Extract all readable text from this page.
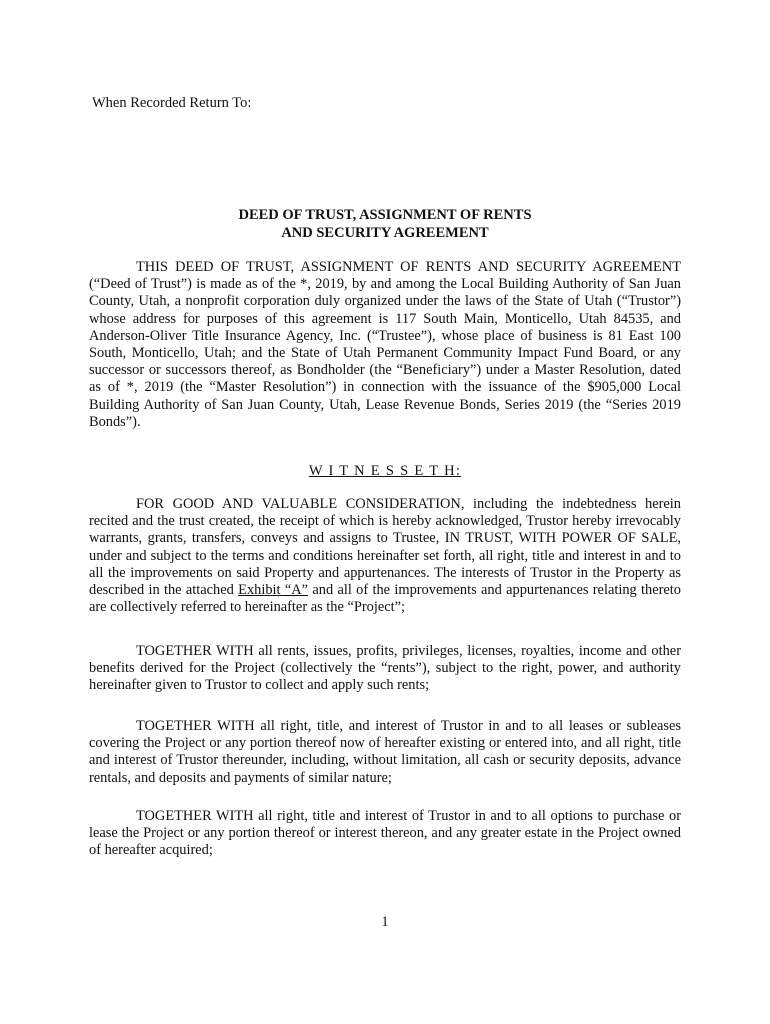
When Recorded Return To:
DEED OF TRUST, ASSIGNMENT OF RENTS
AND SECURITY AGREEMENT

THIS DEED OF TRUST, ASSIGNMENT OF RENTS AND SECURITY AGREEMENT (“Deed of Trust”) is made as of the *, 2019, by and among the Local Building Authority of San Juan County, Utah, a nonprofit corporation duly organized under the laws of the State of Utah (“Trustor”) whose address for purposes of this agreement is 117 South Main, Monticello, Utah 84535, and Anderson-Oliver Title Insurance Agency, Inc. (“Trustee”), whose place of business is 81 East 100 South, Monticello, Utah; and the State of Utah Permanent Community Impact Fund Board, or any successor or successors thereof, as Bondholder (the “Beneficiary”) under a Master Resolution, dated as of *, 2019 (the “Master Resolution”) in connection with the issuance of the $905,000 Local Building Authority of San Juan County, Utah, Lease Revenue Bonds, Series 2019 (the “Series 2019 Bonds”).

W I T N E S S E T H:

FOR GOOD AND VALUABLE CONSIDERATION, including the indebtedness herein recited and the trust created, the receipt of which is hereby acknowledged, Trustor hereby irrevocably warrants, grants, transfers, conveys and assigns to Trustee, IN TRUST, WITH POWER OF SALE, under and subject to the terms and conditions hereinafter set forth, all right, title and interest in and to all the improvements on said Property and appurtenances. The interests of Trustor in the Property as described in the attached Exhibit “A” and all of the improvements and appurtenances relating thereto are collectively referred to hereinafter as the “Project”;

TOGETHER WITH all rents, issues, profits, privileges, licenses, royalties, income and other benefits derived for the Project (collectively the “rents”), subject to the right, power, and authority hereinafter given to Trustor to collect and apply such rents;

TOGETHER WITH all right, title, and interest of Trustor in and to all leases or subleases covering the Project or any portion thereof now of hereafter existing or entered into, and all right, title and interest of Trustor thereunder, including, without limitation, all cash or security deposits, advance rentals, and deposits and payments of similar nature;

TOGETHER WITH all right, title and interest of Trustor in and to all options to purchase or lease the Project or any portion thereof or interest thereon, and any greater estate in the Project owned of hereafter acquired;

1
